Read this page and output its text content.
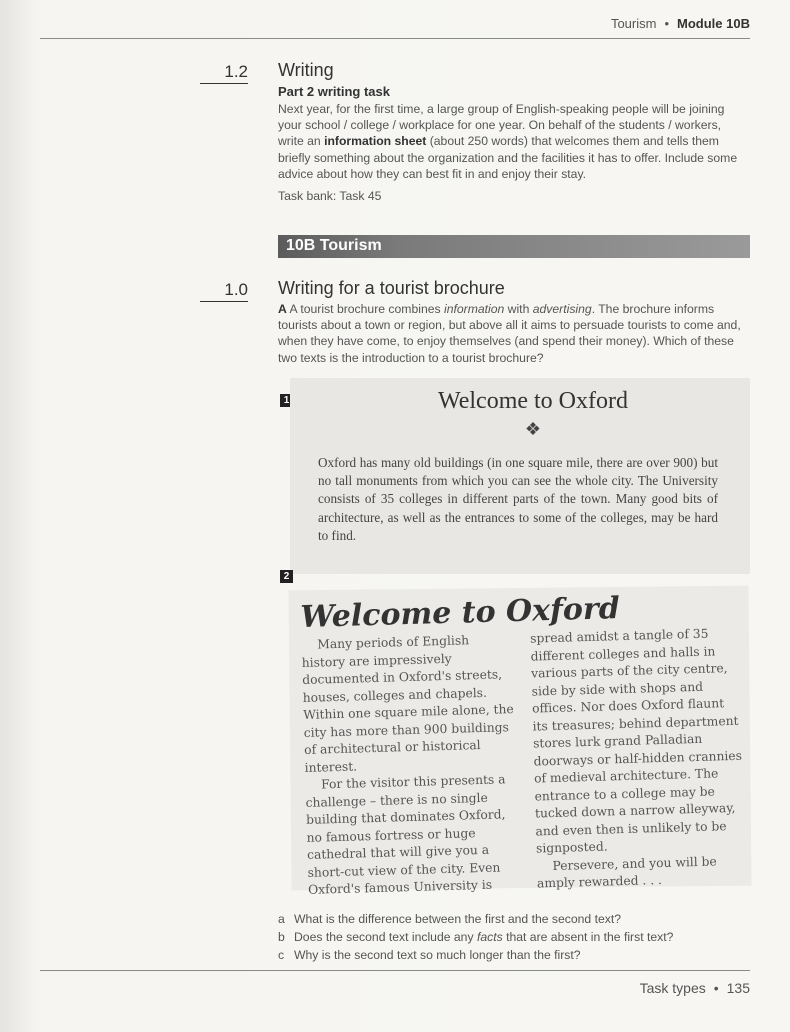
Tourism • Module 10B
1.2 Writing
Part 2 writing task
Next year, for the first time, a large group of English-speaking people will be joining your school / college / workplace for one year. On behalf of the students / workers, write an information sheet (about 250 words) that welcomes them and tells them briefly something about the organization and the facilities it has to offer. Include some advice about how they can best fit in and enjoy their stay.
Task bank: Task 45
10B Tourism
1.0 Writing for a tourist brochure
A A tourist brochure combines information with advertising. The brochure informs tourists about a town or region, but above all it aims to persuade tourists to come and, when they have come, to enjoy themselves (and spend their money). Which of these two texts is the introduction to a tourist brochure?
1	Welcome to Oxford
❖
Oxford has many old buildings (in one square mile, there are over 900) but no tall monuments from which you can see the whole city. The University consists of 35 colleges in different parts of the town. Many good bits of architecture, as well as the entrances to some of the colleges, may be hard to find.
2
Welcome to Oxford

Many periods of English history are impressively documented in Oxford's streets, houses, colleges and chapels. Within one square mile alone, the city has more than 900 buildings of architectural or historical interest.

For the visitor this presents a challenge – there is no single building that dominates Oxford, no famous fortress or huge cathedral that will give you a short-cut view of the city. Even Oxford's famous University is

spread amidst a tangle of 35 different colleges and halls in various parts of the city centre, side by side with shops and offices. Nor does Oxford flaunt its treasures; behind department stores lurk grand Palladian doorways or half-hidden crannies of medieval architecture. The entrance to a college may be tucked down a narrow alleyway, and even then is unlikely to be signposted.

Persevere, and you will be amply rewarded . . .

a What is the difference between the first and the second text?
b Does the second text include any facts that are absent in the first text?
c Why is the second text so much longer than the first?
Task types • 135
